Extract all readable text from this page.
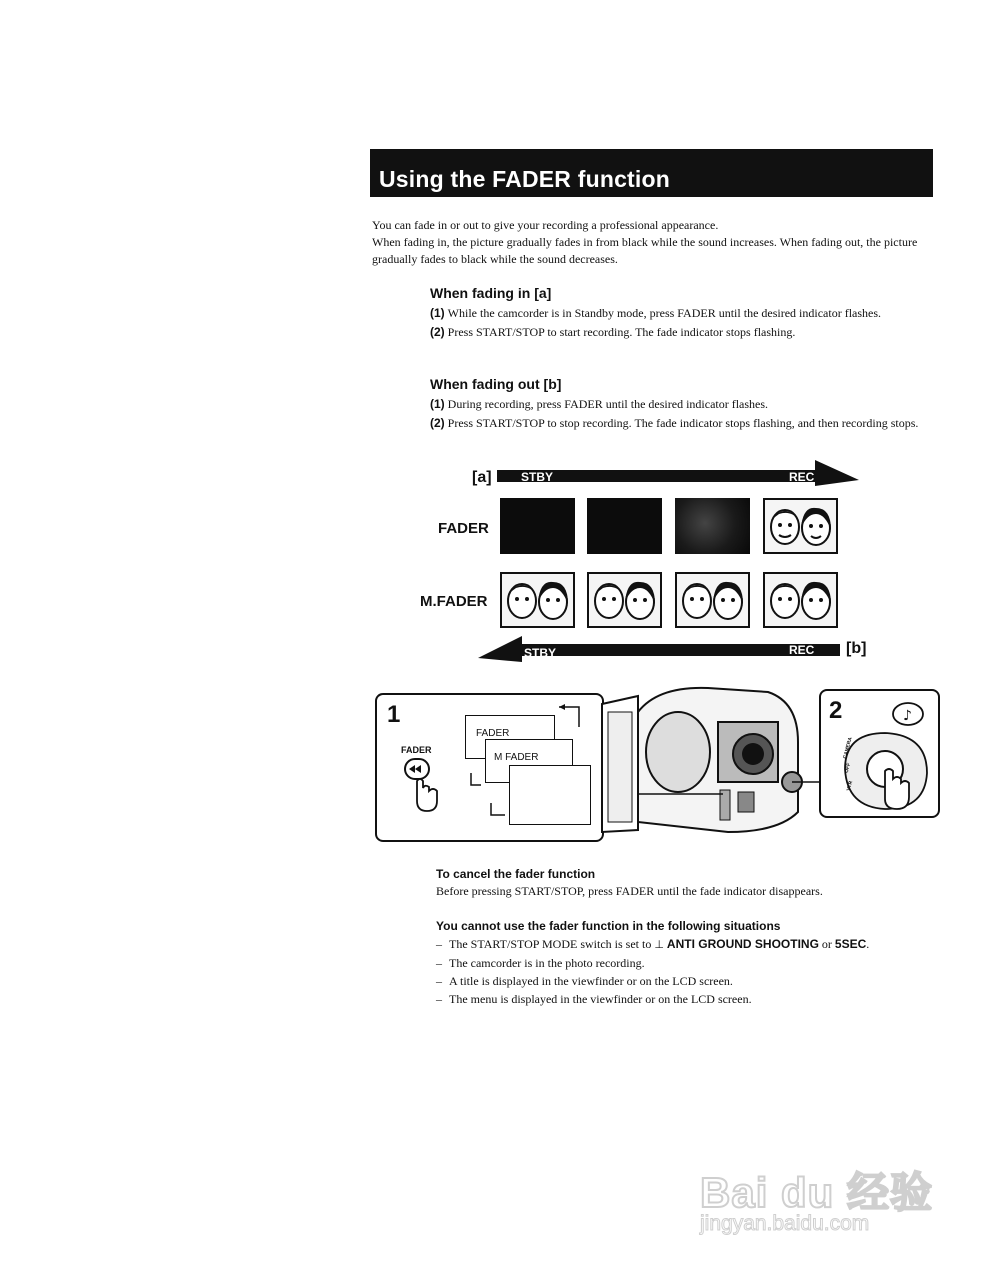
Using the FADER function

You can fade in or out to give your recording a professional appearance.

When fading in, the picture gradually fades in from black while the sound increases. When fading out, the picture gradually fades to black while the sound decreases.

When fading in [a]

(1) While the camcorder is in Standby mode, press FADER until the desired indicator flashes.

(2) Press START/STOP to start recording. The fade indicator stops flashing.

When fading out [b]

(1) During recording, press FADER until the desired indicator flashes.

(2) Press START/STOP to stop recording. The fade indicator stops flashing, and then recording stops.

[a] STBY	REC
FADER
M.FADER
STBY	REC [b]
1
FADER
FADER
M FADER
2	♪
CAMERA
OFF
VTR
To cancel the fader function

Before pressing START/STOP, press FADER until the fade indicator disappears.

You cannot use the fader function in the following situations
– The START/STOP MODE switch is set to ⊥ ANTI GROUND SHOOTING or 5SEC.
– The camcorder is in the photo recording.
– A title is displayed in the viewfinder or on the LCD screen.
– The menu is displayed in the viewfinder or on the LCD screen.
Bai du 经验
jingyan.baidu.com
